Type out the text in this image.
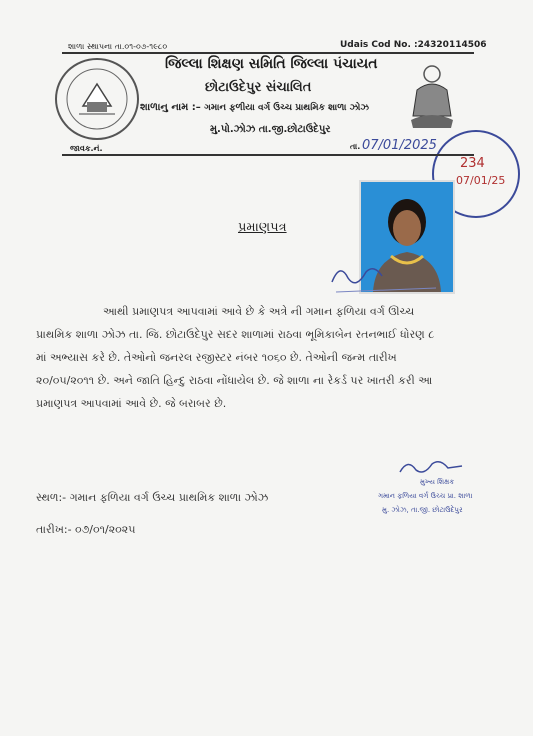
શાળા સ્થાપના તા.૦૧-૦૭-૧૯૮૦	Udais Cod No. :24320114506
જિલ્લા શિક્ષણ સમિતિ જિલ્લા પંચાયત
છોટાઉદેપુર સંચાલિત
શાળાનુ નામ :– ગમાન ફળીયા વર્ગ ઉચ્ચ પ્રાથમિક શાળા ઝોઝ
મુ.પો.ઝોઝ તા.જી.છોટાઉદેપુર
234
07/01/25
જાવક.નં.	તા. 07/01/2025
પ્રમાણપત્ર
આથી પ્રમાણપત્ર આપવામાં આવે છે કે અત્રે ની ગમાન ફળિયા વર્ગ ઊચ્ચ
પ્રાથમિક શાળા ઝોઝ તા. જિ. છોટાઉદેપુર સદર શાળામાં રાઠવા ભૂમિકાબેન રતનભાઈ ધોરણ ૮
માં અભ્યાસ કરે છે. તેઓનો જનરલ રજીસ્ટર નંબર ૧૦૬૦ છે. તેઓની જન્મ તારીખ
૨૦/૦૫/૨૦૧૧ છે. અને જાતિ હિન્દુ રાઠવા નોંધાયેલ છે. જે શાળા ના રેકર્ડ પર ખાતરી કરી આ
પ્રમાણપત્ર આપવામાં આવે છે. જે બરાબર છે.
મુખ્ય શિક્ષક
ગમાન ફળિયા વર્ગ ઉચ્ચ પ્રા. શાળા
મુ. ઝોઝ, તા.જી. છોટાઉદેપુર
સ્થળ:- ગમાન ફળિયા વર્ગ ઉચ્ચ પ્રાથમિક શાળા ઝોઝ
તારીખ:- ૦૭/૦૧/૨૦૨૫
